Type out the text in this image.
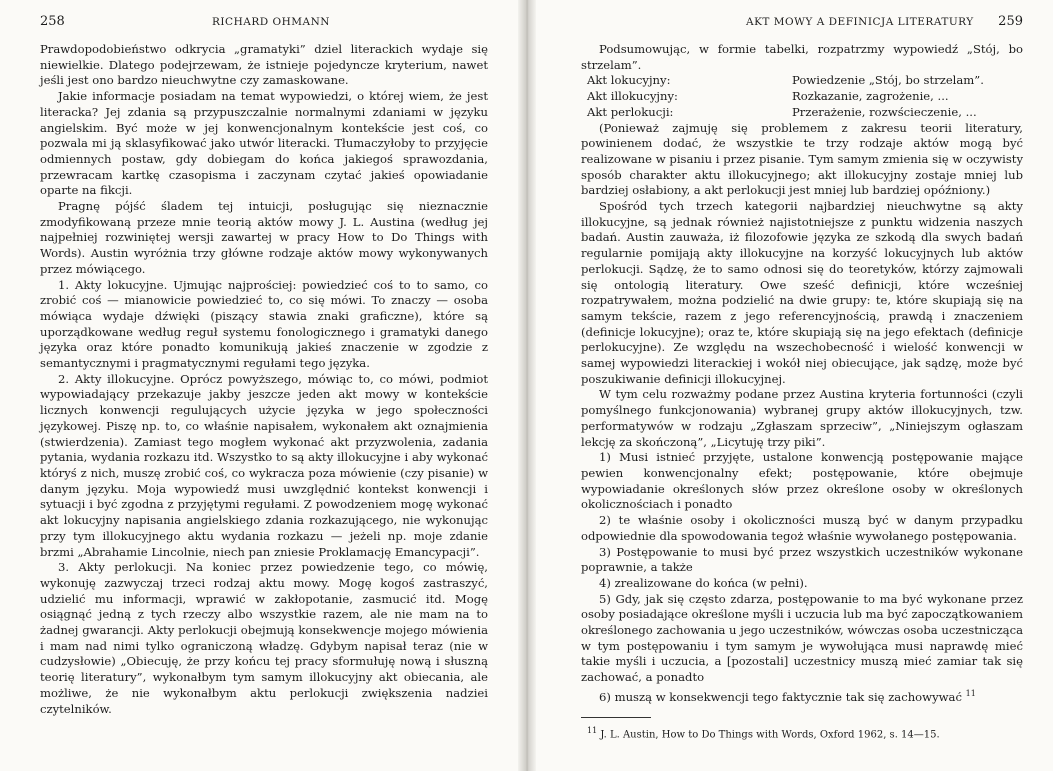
258	RICHARD OHMANN

Prawdopodobieństwo odkrycia „gramatyki” dziel literackich wydaje się niewielkie. Dlatego podejrzewam, że istnieje pojedyncze kryterium, nawet jeśli jest ono bardzo nieuchwytne czy zamaskowane.

Jakie informacje posiadam na temat wypowiedzi, o której wiem, że jest literacka? Jej zdania są przypuszczalnie normalnymi zdaniami w języku angielskim. Być może w jej konwencjonalnym kontekście jest coś, co pozwala mi ją sklasyfikować jako utwór literacki. Tłumaczyłoby to przyjęcie odmiennych postaw, gdy dobiegam do końca jakiegoś sprawozdania, przewracam kartkę czasopisma i zaczynam czytać jakieś opowiadanie oparte na fikcji.

Pragnę pójść śladem tej intuicji, posługując się nieznacznie zmodyfikowaną przeze mnie teorią aktów mowy J. L. Austina (według jej najpełniej rozwiniętej wersji zawartej w pracy How to Do Things with Words). Austin wyróżnia trzy główne rodzaje aktów mowy wykonywanych przez mówiącego.

1. Akty lokucyjne. Ujmując najprościej: powiedzieć coś to to samo, co zrobić coś — mianowicie powiedzieć to, co się mówi. To znaczy — osoba mówiąca wydaje dźwięki (piszący stawia znaki graficzne), które są uporządkowane według reguł systemu fonologicznego i gramatyki danego języka oraz które ponadto komunikują jakieś znaczenie w zgodzie z semantycznymi i pragmatycznymi regułami tego języka.

2. Akty illokucyjne. Oprócz powyższego, mówiąc to, co mówi, podmiot wypowiadający przekazuje jakby jeszcze jeden akt mowy w kontekście licznych konwencji regulujących użycie języka w jego społeczności językowej. Piszę np. to, co właśnie napisałem, wykonałem akt oznajmienia (stwierdzenia). Zamiast tego mogłem wykonać akt przyzwolenia, zadania pytania, wydania rozkazu itd. Wszystko to są akty illokucyjne i aby wykonać któryś z nich, muszę zrobić coś, co wykracza poza mówienie (czy pisanie) w danym języku. Moja wypowiedź musi uwzględnić kontekst konwencji i sytuacji i być zgodna z przyjętymi regułami. Z powodzeniem mogę wykonać akt lokucyjny napisania angielskiego zdania rozkazującego, nie wykonując przy tym illokucyjnego aktu wydania rozkazu — jeżeli np. moje zdanie brzmi „Abrahamie Lincolnie, niech pan zniesie Proklamację Emancypacji”.

3. Akty perlokucji. Na koniec przez powiedzenie tego, co mówię, wykonuję zazwyczaj trzeci rodzaj aktu mowy. Mogę kogoś zastraszyć, udzielić mu informacji, wprawić w zakłopotanie, zasmucić itd. Mogę osiągnąć jedną z tych rzeczy albo wszystkie razem, ale nie mam na to żadnej gwarancji. Akty perlokucji obejmują konsekwencje mojego mówienia i mam nad nimi tylko ograniczoną władzę. Gdybym napisał teraz (nie w cudzysłowie) „Obiecuję, że przy końcu tej pracy sformułuję nową i słuszną teorię literatury”, wykonałbym tym samym illokucyjny akt obiecania, ale możliwe, że nie wykonałbym aktu perlokucji zwiększenia nadziei czytelników.

AKT MOWY A DEFINICJA LITERATURY 259

Podsumowując, w formie tabelki, rozpatrzmy wypowiedź „Stój, bo strzelam”.

Akt lokucyjny:	Powiedzenie „Stój, bo strzelam”.
Akt illokucyjny:	Rozkazanie, zagrożenie, ...
Akt perlokucji:	Przerażenie, rozwścieczenie, ...

(Ponieważ zajmuję się problemem z zakresu teorii literatury, powinienem dodać, że wszystkie te trzy rodzaje aktów mogą być realizowane w pisaniu i przez pisanie. Tym samym zmienia się w oczywisty sposób charakter aktu illokucyjnego; akt illokucyjny zostaje mniej lub bardziej osłabiony, a akt perlokucji jest mniej lub bardziej opóźniony.)

Spośród tych trzech kategorii najbardziej nieuchwytne są akty illokucyjne, są jednak również najistotniejsze z punktu widzenia naszych badań. Austin zauważa, iż filozofowie języka ze szkodą dla swych badań regularnie pomijają akty illokucyjne na korzyść lokucyjnych lub aktów perlokucji. Sądzę, że to samo odnosi się do teoretyków, którzy zajmowali się ontologią literatury. Owe sześć definicji, które wcześniej rozpatrywałem, można podzielić na dwie grupy: te, które skupiają się na samym tekście, razem z jego referencyjnością, prawdą i znaczeniem (definicje lokucyjne); oraz te, które skupiają się na jego efektach (definicje perlokucyjne). Ze względu na wszechobecność i wielość konwencji w samej wypowiedzi literackiej i wokół niej obiecujące, jak sądzę, może być poszukiwanie definicji illokucyjnej.

W tym celu rozważmy podane przez Austina kryteria fortunności (czyli pomyślnego funkcjonowania) wybranej grupy aktów illokucyjnych, tzw. performatywów w rodzaju „Zgłaszam sprzeciw”, „Niniejszym ogłaszam lekcję za skończoną”, „Licytuję trzy piki”.

1) Musi istnieć przyjęte, ustalone konwencją postępowanie mające pewien konwencjonalny efekt; postępowanie, które obejmuje wypowiadanie określonych słów przez określone osoby w określonych okolicznościach i ponadto

2) te właśnie osoby i okoliczności muszą być w danym przypadku odpowiednie dla spowodowania tegoż właśnie wywołanego postępowania.

3) Postępowanie to musi być przez wszystkich uczestników wykonane poprawnie, a także

4) zrealizowane do końca (w pełni).

5) Gdy, jak się często zdarza, postępowanie to ma być wykonane przez osoby posiadające określone myśli i uczucia lub ma być zapoczątkowaniem określonego zachowania u jego uczestników, wówczas osoba uczestnicząca w tym postępowaniu i tym samym je wywołująca musi naprawdę mieć takie myśli i uczucia, a [pozostali] uczestnicy muszą mieć zamiar tak się zachować, a ponadto

6) muszą w konsekwencji tego faktycznie tak się zachowywać $^{11}$

$^{11}$ J. L. Austin, How to Do Things with Words, Oxford 1962, s. 14—15.
